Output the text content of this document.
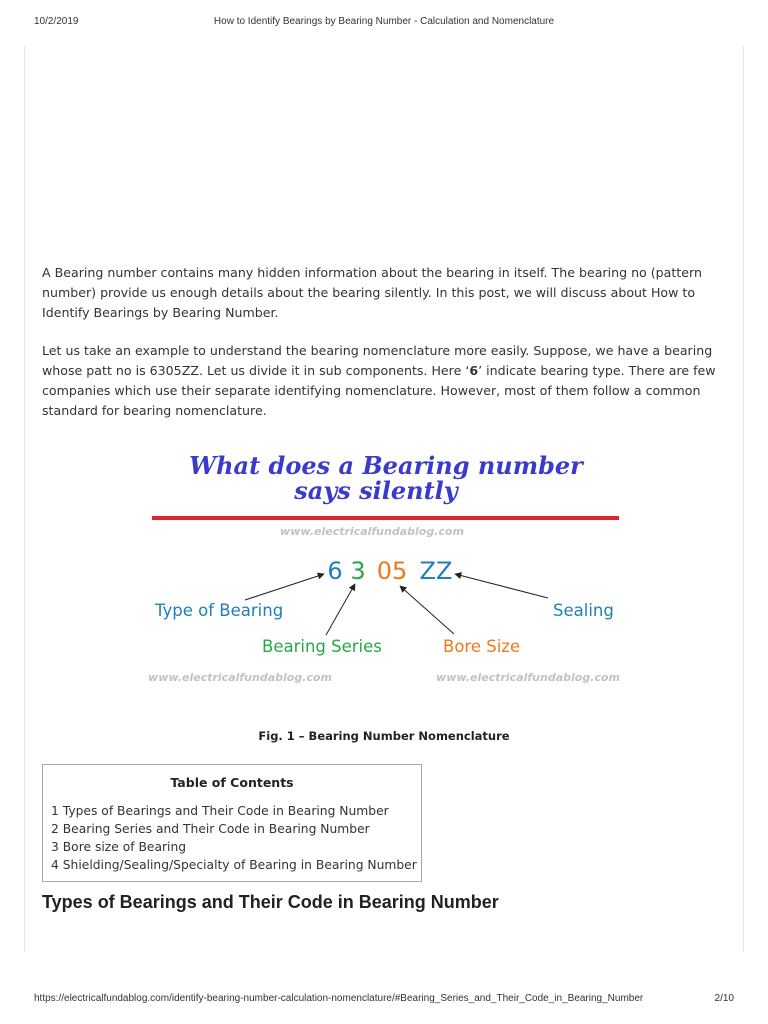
10/2/2019	How to Identify Bearings by Bearing Number - Calculation and Nomenclature

A Bearing number contains many hidden information about the bearing in itself. The bearing no (pattern number) provide us enough details about the bearing silently. In this post, we will discuss about How to Identify Bearings by Bearing Number.

Let us take an example to understand the bearing nomenclature more easily. Suppose, we have a bearing whose patt no is 6305ZZ. Let us divide it in sub components. Here ‘6’ indicate bearing type. There are few companies which use their separate identifying nomenclature. However, most of them follow a common standard for bearing nomenclature.

What does a Bearing number
says silently
www.electricalfundablog.com
6 3 05 ZZ
Type of Bearing	Sealing
Bearing Series	Bore Size
www.electricalfundablog.com	www.electricalfundablog.com
Fig. 1 – Bearing Number Nomenclature
Table of Contents
1 Types of Bearings and Their Code in Bearing Number
2 Bearing Series and Their Code in Bearing Number
3 Bore size of Bearing
4 Shielding/Sealing/Specialty of Bearing in Bearing Number
Types of Bearings and Their Code in Bearing Number
https://electricalfundablog.com/identify-bearing-number-calculation-nomenclature/#Bearing_Series_and_Their_Code_in_Bearing_Number	2/10
